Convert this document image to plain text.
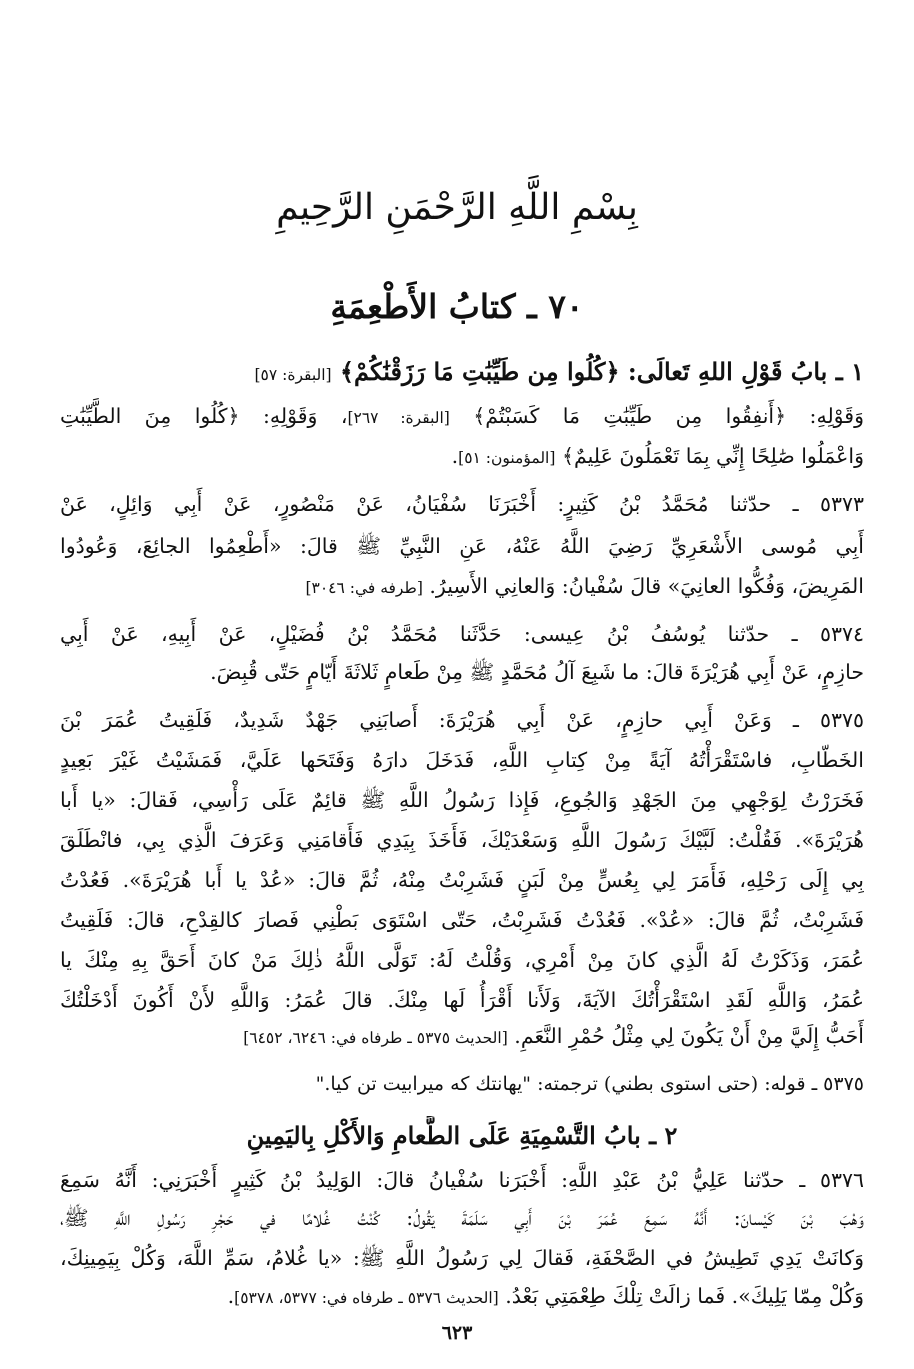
بِسْمِ اللَّهِ الرَّحْمَنِ الرَّحِيمِ
٧٠ ـ كتابُ الأَطْعِمَةِ
١ ـ بابُ قَوْلِ اللهِ تَعالَى: ﴿كُلُوا مِن طَيِّبَٰتِ مَا رَزَقْنَٰكُمْ﴾ [البقرة: ٥٧]
وَقَوْلِهِ: ﴿أَنفِقُوا مِن طَيِّبَٰتِ مَا كَسَبْتُمْ﴾ [البقرة: ٢٦٧]، وَقَوْلِهِ: ﴿كُلُوا مِنَ الطَّيِّبَٰتِ
وَاعْمَلُوا صَٰلِحًا إِنِّي بِمَا تَعْمَلُونَ عَلِيمٌ﴾ [المؤمنون: ٥١].
٥٣٧٣ ـ حدّثنا مُحَمَّدُ بْنُ كَثِيرٍ: أَخْبَرَنَا سُفْيَانُ، عَنْ مَنْصُورٍ، عَنْ أَبِي وَائِلٍ، عَنْ
أَبِي مُوسى الأَشْعَرِيِّ رَضِيَ اللَّهُ عَنْهُ، عَنِ النَّبِيِّ ﷺ قالَ: «أَطْعِمُوا الجائِعَ، وَعُودُوا
المَرِيضَ، وَفُكُّوا العانِيَ» قالَ سُفْيانُ: وَالعانِي الأَسِيرُ. [طرفه في: ٣٠٤٦]
٥٣٧٤ ـ حدّثنا يُوسُفُ بْنُ عِيسى: حَدَّثَنا مُحَمَّدُ بْنُ فُضَيْلٍ، عَنْ أَبِيهِ، عَنْ أَبِي
حازِمٍ، عَنْ أَبِي هُرَيْرَةَ قالَ: ما شَبِعَ آلُ مُحَمَّدٍ ﷺ مِنْ طَعامٍ ثَلاثَةَ أَيّامٍ حَتّى قُبِضَ.
٥٣٧٥ ـ وَعَنْ أَبِي حازِمٍ، عَنْ أَبِي هُرَيْرَةَ: أَصابَنِي جَهْدٌ شَدِيدٌ، فَلَقِيتُ عُمَرَ بْنَ
الخَطّابِ، فاسْتَقْرَأْتُهُ آيَةً مِنْ كِتابِ اللَّهِ، فَدَخَلَ دارَهُ وَفَتَحَها عَلَيَّ، فَمَشَيْتُ غَيْرَ بَعِيدٍ
فَخَرَرْتُ لِوَجْهِي مِنَ الجَهْدِ وَالجُوعِ، فَإِذا رَسُولُ اللَّهِ ﷺ قائِمٌ عَلَى رَأْسِي، فَقالَ: «يا أَبا
هُرَيْرَةَ». فَقُلْتُ: لَبَّيْكَ رَسُولَ اللَّهِ وَسَعْدَيْكَ، فَأَخَذَ بِيَدِي فَأَقامَنِي وَعَرَفَ الَّذِي بِي، فانْطَلَقَ
بِي إِلَى رَحْلِهِ، فَأَمَرَ لِي بِعُسٍّ مِنْ لَبَنٍ فَشَرِبْتُ مِنْهُ، ثُمَّ قالَ: «عُدْ يا أَبا هُرَيْرَةَ». فَعُدْتُ
فَشَرِبْتُ، ثُمَّ قالَ: «عُدْ». فَعُدْتُ فَشَرِبْتُ، حَتّى اسْتَوَى بَطْنِي فَصارَ كالقِدْحِ، قالَ: فَلَقِيتُ
عُمَرَ، وَذَكَرْتُ لَهُ الَّذِي كانَ مِنْ أَمْرِي، وَقُلْتُ لَهُ: تَوَلَّى اللَّهُ ذٰلِكَ مَنْ كانَ أَحَقَّ بِهِ مِنْكَ يا
عُمَرُ، وَاللَّهِ لَقَدِ اسْتَقْرَأْتُكَ الآيَةَ، وَلَأَنا أَقْرَأُ لَها مِنْكَ. قالَ عُمَرُ: وَاللَّهِ لأَنْ أَكُونَ أَدْخَلْتُكَ
أَحَبُّ إِلَيَّ مِنْ أَنْ يَكُونَ لِي مِثْلُ حُمْرِ النَّعَمِ. [الحديث ٥٣٧٥ ـ طرفاه في: ٦٢٤٦، ٦٤٥٢]
٥٣٧٥ ـ قوله: (حتى استوى بطني) ترجمته: "يهانتك كه ميرابيت تن كيا."
٢ ـ بابُ التَّسْمِيَةِ عَلَى الطَّعامِ وَالأَكْلِ بِاليَمِينِ
٥٣٧٦ ـ حدّثنا عَلِيُّ بْنُ عَبْدِ اللَّهِ: أَخْبَرَنا سُفْيانُ قالَ: الوَلِيدُ بْنُ كَثِيرٍ أَخْبَرَنِي: أَنَّهُ سَمِعَ
وَهْبَ بْنَ كَيْسانَ: أَنَّهُ سَمِعَ عُمَرَ بْنَ أَبِي سَلَمَةَ يَقُولُ: كُنْتُ غُلامًا في حَجْرِ رَسُولِ اللَّهِ ﷺ،
وَكانَتْ يَدِي تَطِيشُ في الصَّحْفَةِ، فَقالَ لِي رَسُولُ اللَّهِ ﷺ: «يا غُلامُ، سَمِّ اللَّهَ، وَكُلْ بِيَمِينِكَ،
وَكُلْ مِمّا يَلِيكَ». فَما زالَتْ تِلْكَ طِعْمَتِي بَعْدُ. [الحديث ٥٣٧٦ ـ طرفاه في: ٥٣٧٧، ٥٣٧٨].
٦٢٣
